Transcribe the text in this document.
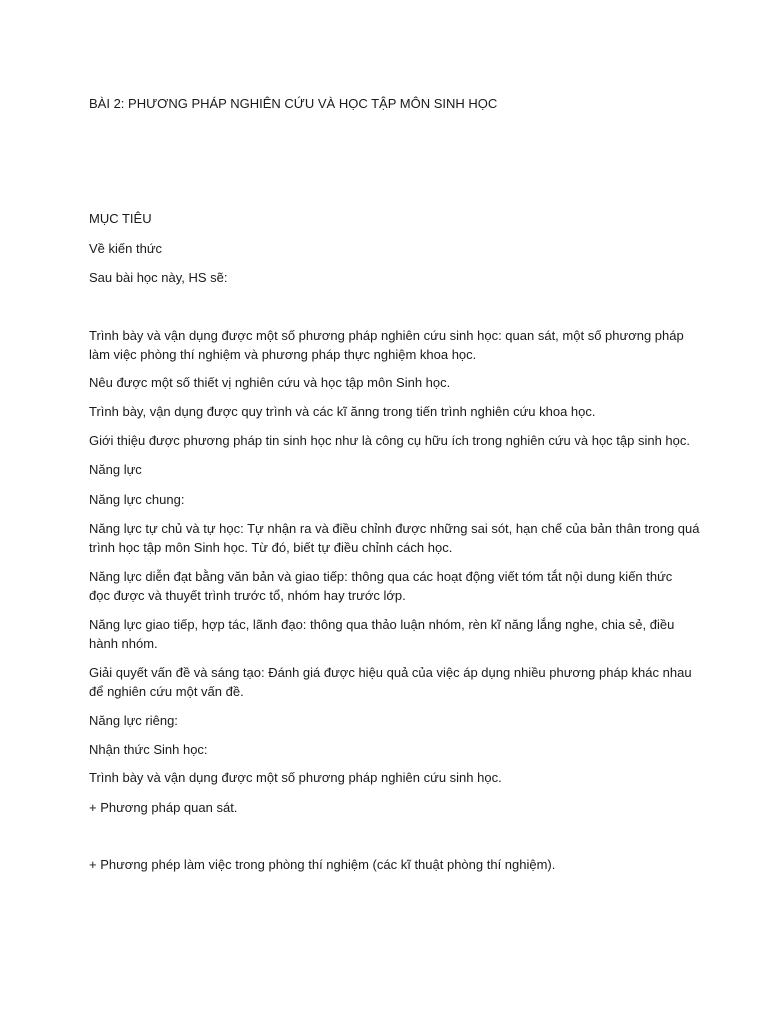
BÀI 2: PHƯƠNG PHÁP NGHIÊN CỨU VÀ HỌC TẬP MÔN SINH HỌC
MỤC TIÊU
Về kiến thức
Sau bài học này, HS sẽ:
Trình bày và vận dụng được một số phương pháp nghiên cứu sinh học: quan sát, một số phương pháp
làm việc phòng thí nghiệm và phương pháp thực nghiệm khoa học.
Nêu được một số thiết vị nghiên cứu và học tập môn Sinh học.
Trình bày, vận dụng được quy trình và các kĩ ănng trong tiến trình nghiên cứu khoa học.
Giới thiệu được phương pháp tin sinh học như là công cụ hữu ích trong nghiên cứu và học tập sinh học.
Năng lực
Năng lực chung:
Năng lực tự chủ và tự học: Tự nhận ra và điều chỉnh được những sai sót, hạn chế của bản thân trong quá
trình học tập môn Sinh học. Từ đó, biết tự điều chỉnh cách học.
Năng lực diễn đạt bằng văn bản và giao tiếp: thông qua các hoạt động viết tóm tắt nội dung kiến thức
đọc được và thuyết trình trước tổ, nhóm hay trước lớp.
Năng lực giao tiếp, hợp tác, lãnh đạo: thông qua thảo luận nhóm, rèn kĩ năng lắng nghe, chia sẻ, điều
hành nhóm.
Giải quyết vấn đề và sáng tạo: Đánh giá được hiệu quả của việc áp dụng nhiều phương pháp khác nhau
để nghiên cứu một vấn đề.
Năng lực riêng:
Nhận thức Sinh học:
Trình bày và vận dụng được một số phương pháp nghiên cứu sinh học.
+ Phương pháp quan sát.
+ Phương phép làm việc trong phòng thí nghiệm (các kĩ thuật phòng thí nghiệm).
